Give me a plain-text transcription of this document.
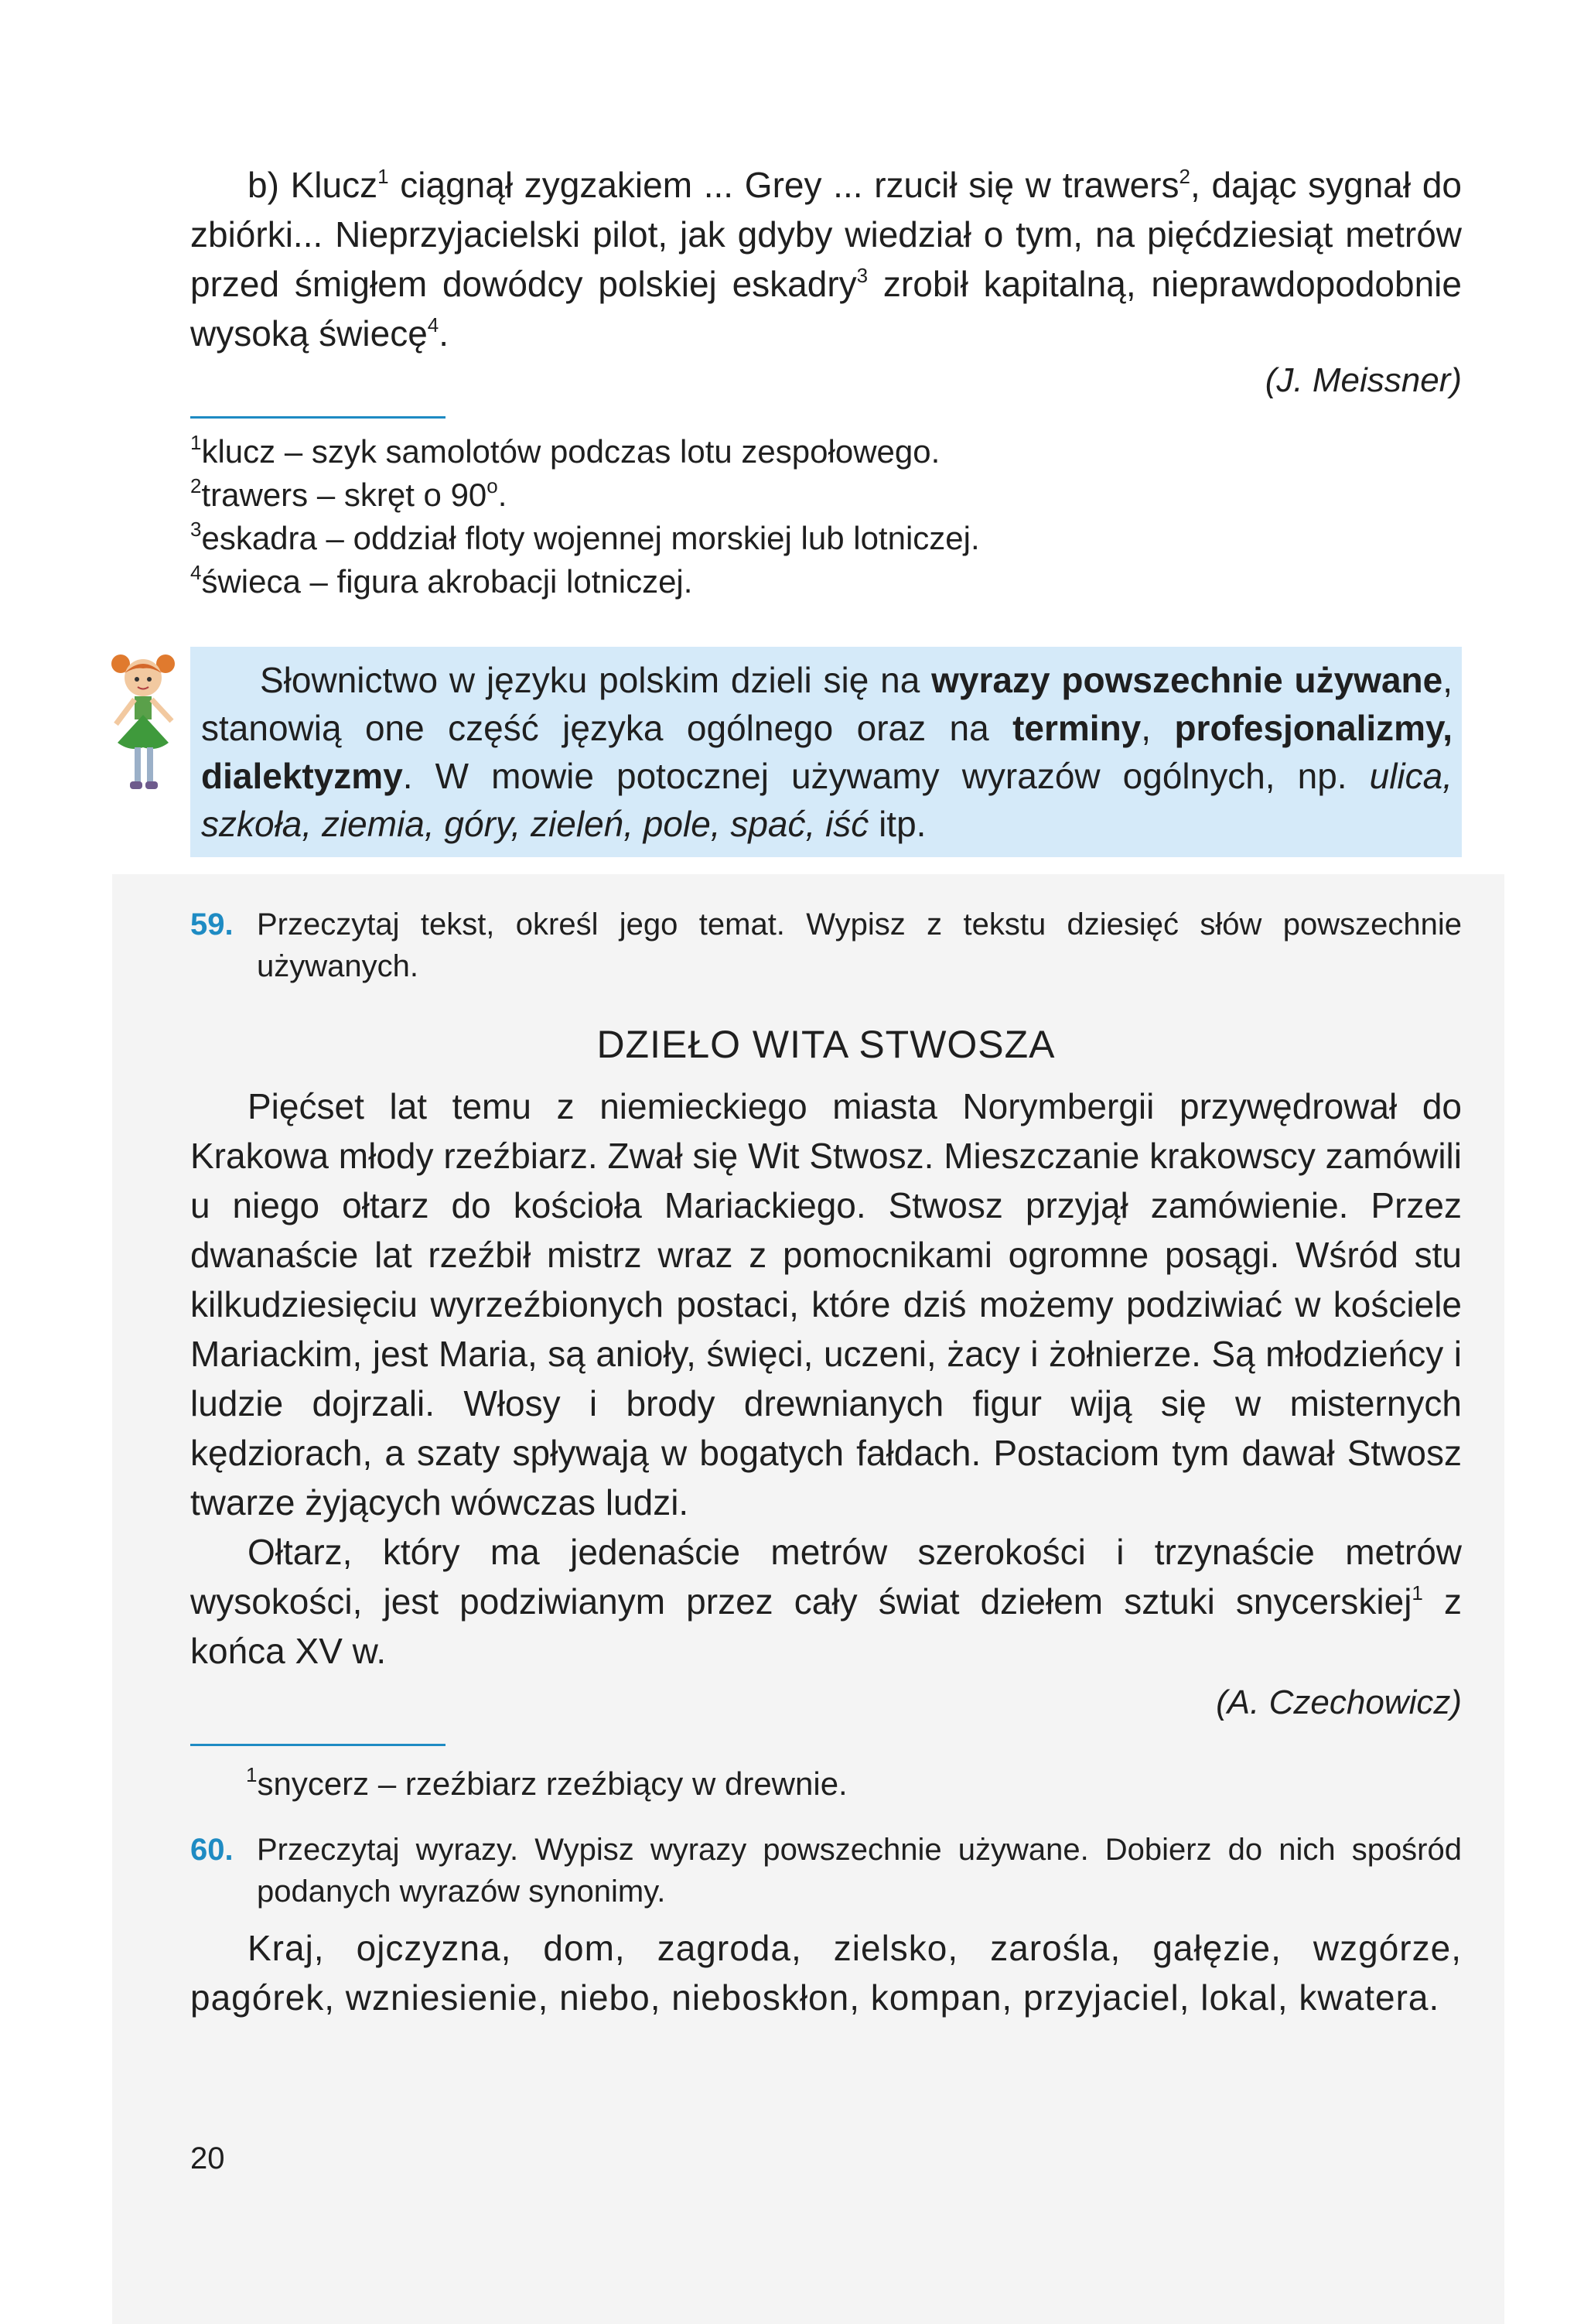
b) Klucz$^1$ ciągnął zygzakiem ... Grey ... rzucił się w trawers$^2$, dając sygnał do zbiórki... Nieprzyjacielski pilot, jak gdyby wiedział o tym, na pięćdziesiąt metrów przed śmigłem dowódcy polskiej eskadry$^3$ zrobił kapitalną, nieprawdopodobnie wysoką świecę$^4$.

(J. Meissner)

$^1$klucz – szyk samolotów podczas lotu zespołowego.

$^2$trawers – skręt o 90$^o$.

$^3$eskadra – oddział floty wojennej morskiej lub lotniczej.

$^4$świeca – figura akrobacji lotniczej.

Słownictwo w języku polskim dzieli się na wyrazy powszechnie używane, stanowią one część języka ogólnego oraz na terminy, profesjonalizmy, dialektyzmy. W mowie potocznej używamy wyrazów ogólnych, np. ulica, szkoła, ziemia, góry, zieleń, pole, spać, iść itp.
59. Przeczytaj tekst, określ jego temat. Wypisz z tekstu dziesięć słów powszechnie używanych.
DZIEŁO WITA STWOSZA

Pięćset lat temu z niemieckiego miasta Norymbergii przywędrował do Krakowa młody rzeźbiarz. Zwał się Wit Stwosz. Mieszczanie krakowscy zamówili u niego ołtarz do kościoła Mariackiego. Stwosz przyjął zamówienie. Przez dwanaście lat rzeźbił mistrz wraz z pomocnikami ogromne posągi. Wśród stu kilkudziesięciu wyrzeźbionych postaci, które dziś możemy podziwiać w kościele Mariackim, jest Maria, są anioły, święci, uczeni, żacy i żołnierze. Są młodzieńcy i ludzie dojrzali. Włosy i brody drewnianych figur wiją się w misternych kędziorach, a szaty spływają w bogatych fałdach. Postaciom tym dawał Stwosz twarze żyjących wówczas ludzi.

Ołtarz, który ma jedenaście metrów szerokości i trzynaście metrów wysokości, jest podziwianym przez cały świat dziełem sztuki snycerskiej$^1$ z końca XV w.

(A. Czechowicz)

$^1$snycerz – rzeźbiarz rzeźbiący w drewnie.

60. Przeczytaj wyrazy. Wypisz wyrazy powszechnie używane. Dobierz do nich spośród podanych wyrazów synonimy.

Kraj, ojczyzna, dom, zagroda, zielsko, zarośla, gałęzie, wzgórze, pagórek, wzniesienie, niebo, nieboskłon, kompan, przyjaciel, lokal, kwatera.

20
